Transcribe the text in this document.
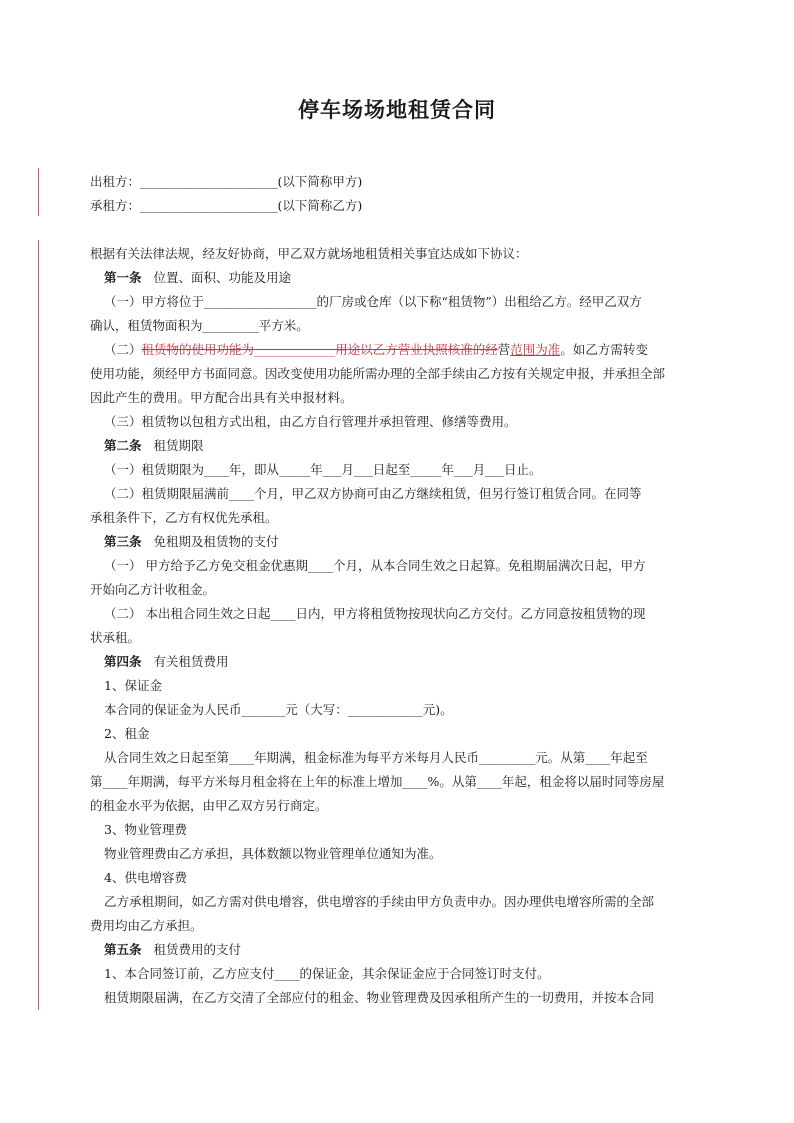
停车场场地租赁合同
出租方：______________________(以下简称甲方)
承租方：______________________(以下简称乙方)
根据有关法律法规，经友好协商，甲乙双方就场地租赁相关事宜达成如下协议：
第一条 位置、面积、功能及用途
（一）甲方将位于__________________的厂房或仓库（以下称“租赁物”）出租给乙方。经甲乙双方
确认，租赁物面积为_________平方米。
（二）租赁物的使用功能为_____________用途以乙方营业执照核准的经营范围为准。如乙方需转变
使用功能，须经甲方书面同意。因改变使用功能所需办理的全部手续由乙方按有关规定申报，并承担全部
因此产生的费用。甲方配合出具有关申报材料。
（三）租赁物以包租方式出租，由乙方自行管理并承担管理、修缮等费用。
第二条 租赁期限
（一）租赁期限为____年，即从_____年___月___日起至_____年___月___日止。
（二）租赁期限届满前____个月，甲乙双方协商可由乙方继续租赁，但另行签订租赁合同。在同等
承租条件下，乙方有权优先承租。
第三条 免租期及租赁物的支付
（一） 甲方给予乙方免交租金优惠期____个月，从本合同生效之日起算。免租期届满次日起，甲方
开始向乙方计收租金。
（二） 本出租合同生效之日起____日内，甲方将租赁物按现状向乙方交付。乙方同意按租赁物的现
状承租。
第四条 有关租赁费用
1、保证金
本合同的保证金为人民币_______元（大写：____________元)。
2、租金
从合同生效之日起至第____年期满，租金标准为每平方米每月人民币_________元。从第____年起至
第____年期满，每平方米每月租金将在上年的标准上增加____%。从第____年起，租金将以届时同等房屋
的租金水平为依据，由甲乙双方另行商定。
3、物业管理费
物业管理费由乙方承担，具体数额以物业管理单位通知为准。
4、供电增容费
乙方承租期间，如乙方需对供电增容，供电增容的手续由甲方负责申办。因办理供电增容所需的全部
费用均由乙方承担。
第五条 租赁费用的支付
1、本合同签订前，乙方应支付____的保证金，其余保证金应于合同签订时支付。
租赁期限届满，在乙方交清了全部应付的租金、物业管理费及因承租所产生的一切费用，并按本合同
